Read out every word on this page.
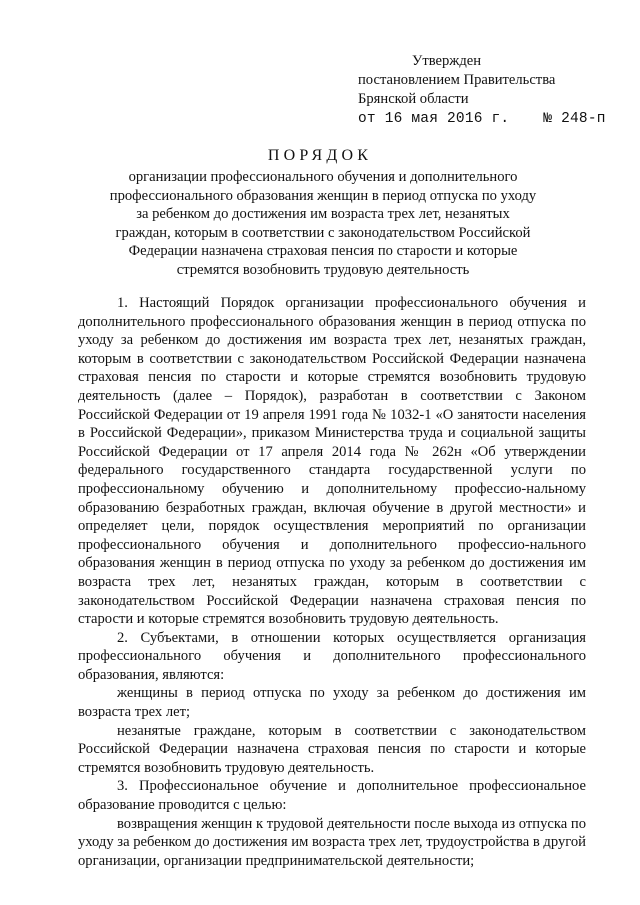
Утвержден
постановлением Правительства
Брянской области
от 16 мая 2016 г. № 248-п
ПОРЯДОК
организации профессионального обучения и дополнительного профессионального образования женщин в период отпуска по уходу за ребенком до достижения им возраста трех лет, незанятых граждан, которым в соответствии с законодательством Российской Федерации назначена страховая пенсия по старости и которые стремятся возобновить трудовую деятельность

1. Настоящий Порядок организации профессионального обучения и дополнительного профессионального образования женщин в период отпуска по уходу за ребенком до достижения им возраста трех лет, незанятых граждан, которым в соответствии с законодательством Российской Федерации назначена страховая пенсия по старости и которые стремятся возобновить трудовую деятельность (далее – Порядок), разработан в соответствии с Законом Российской Федерации от 19 апреля 1991 года № 1032-1 «О занятости населения в Российской Федерации», приказом Министерства труда и социальной защиты Российской Федерации от 17 апреля 2014 года № 262н «Об утверждении федерального государственного стандарта государственной услуги по профессиональному обучению и дополнительному профессио-нальному образованию безработных граждан, включая обучение в другой местности» и определяет цели, порядок осуществления мероприятий по организации профессионального обучения и дополнительного профессио-нального образования женщин в период отпуска по уходу за ребенком до достижения им возраста трех лет, незанятых граждан, которым в соответствии с законодательством Российской Федерации назначена страховая пенсия по старости и которые стремятся возобновить трудовую деятельность.

2. Субъектами, в отношении которых осуществляется организация профессионального обучения и дополнительного профессионального образования, являются:

женщины в период отпуска по уходу за ребенком до достижения им возраста трех лет;

незанятые граждане, которым в соответствии с законодательством Российской Федерации назначена страховая пенсия по старости и которые стремятся возобновить трудовую деятельность.

3. Профессиональное обучение и дополнительное профессиональное образование проводится с целью:

возвращения женщин к трудовой деятельности после выхода из отпуска по уходу за ребенком до достижения им возраста трех лет, трудоустройства в другой организации, организации предпринимательской деятельности;
